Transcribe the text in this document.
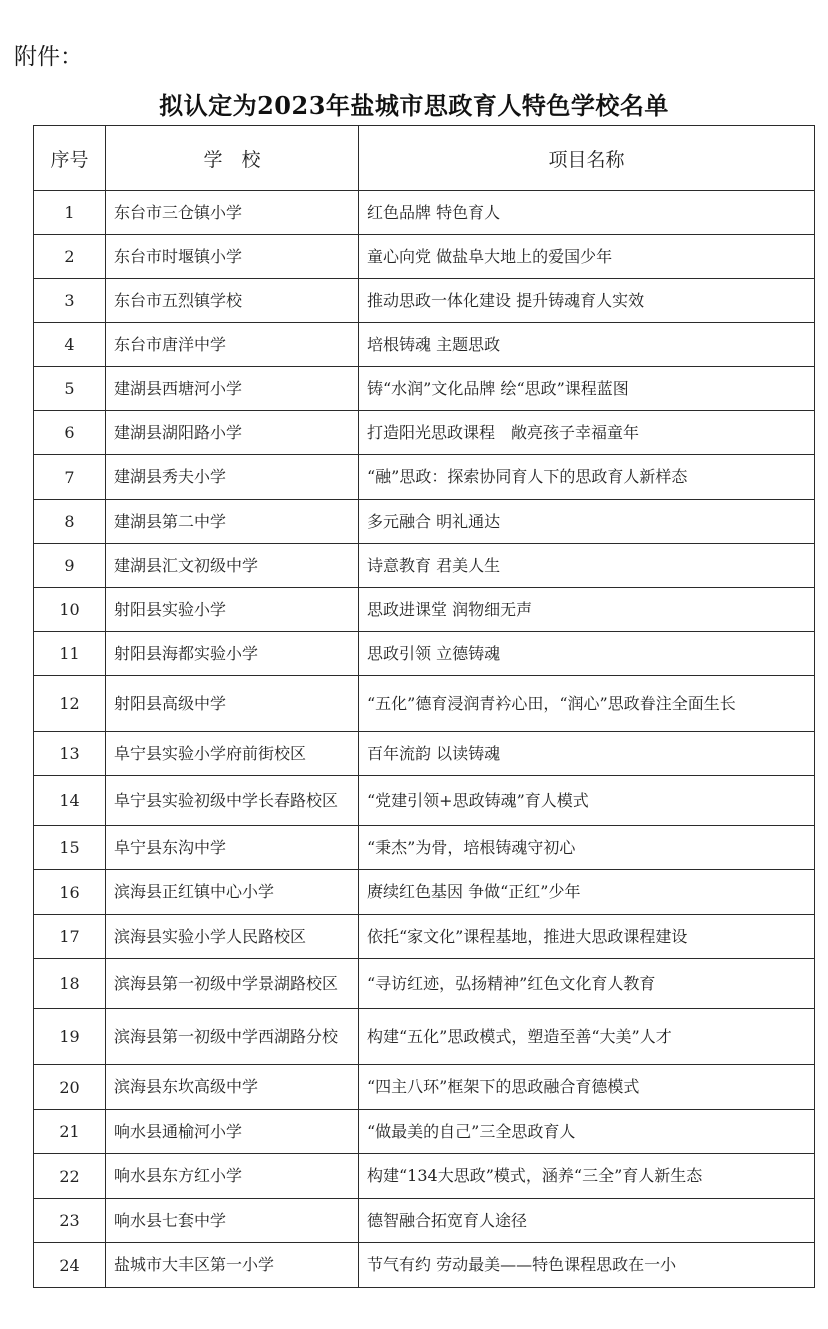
附件：
拟认定为2023年盐城市思政育人特色学校名单
序号	学　校	项目名称
1	东台市三仓镇小学	红色品牌 特色育人
2	东台市时堰镇小学	童心向党 做盐阜大地上的爱国少年
3	东台市五烈镇学校	推动思政一体化建设 提升铸魂育人实效
4	东台市唐洋中学	培根铸魂 主题思政
5	建湖县西塘河小学	铸“水润”文化品牌 绘“思政”课程蓝图
6	建湖县湖阳路小学	打造阳光思政课程　敞亮孩子幸福童年
7	建湖县秀夫小学	“融”思政：探索协同育人下的思政育人新样态
8	建湖县第二中学	多元融合 明礼通达
9	建湖县汇文初级中学	诗意教育 君美人生
10	射阳县实验小学	思政进课堂 润物细无声
11	射阳县海都实验小学	思政引领 立德铸魂
12	射阳县高级中学	“五化”德育浸润青衿心田，“润心”思政眷注全面生长
13	阜宁县实验小学府前街校区	百年流韵 以读铸魂
14	阜宁县实验初级中学长春路校区	“党建引领+思政铸魂”育人模式
15	阜宁县东沟中学	“秉杰”为骨，培根铸魂守初心
16	滨海县正红镇中心小学	赓续红色基因 争做“正红”少年
17	滨海县实验小学人民路校区	依托“家文化”课程基地，推进大思政课程建设
18	滨海县第一初级中学景湖路校区	“寻访红迹，弘扬精神”红色文化育人教育
19	滨海县第一初级中学西湖路分校	构建“五化”思政模式，塑造至善“大美”人才
20	滨海县东坎高级中学	“四主八环”框架下的思政融合育德模式
21	响水县通榆河小学	“做最美的自己”三全思政育人
22	响水县东方红小学	构建“134大思政”模式，涵养“三全”育人新生态
23	响水县七套中学	德智融合拓宽育人途径
24	盐城市大丰区第一小学	节气有约 劳动最美——特色课程思政在一小
